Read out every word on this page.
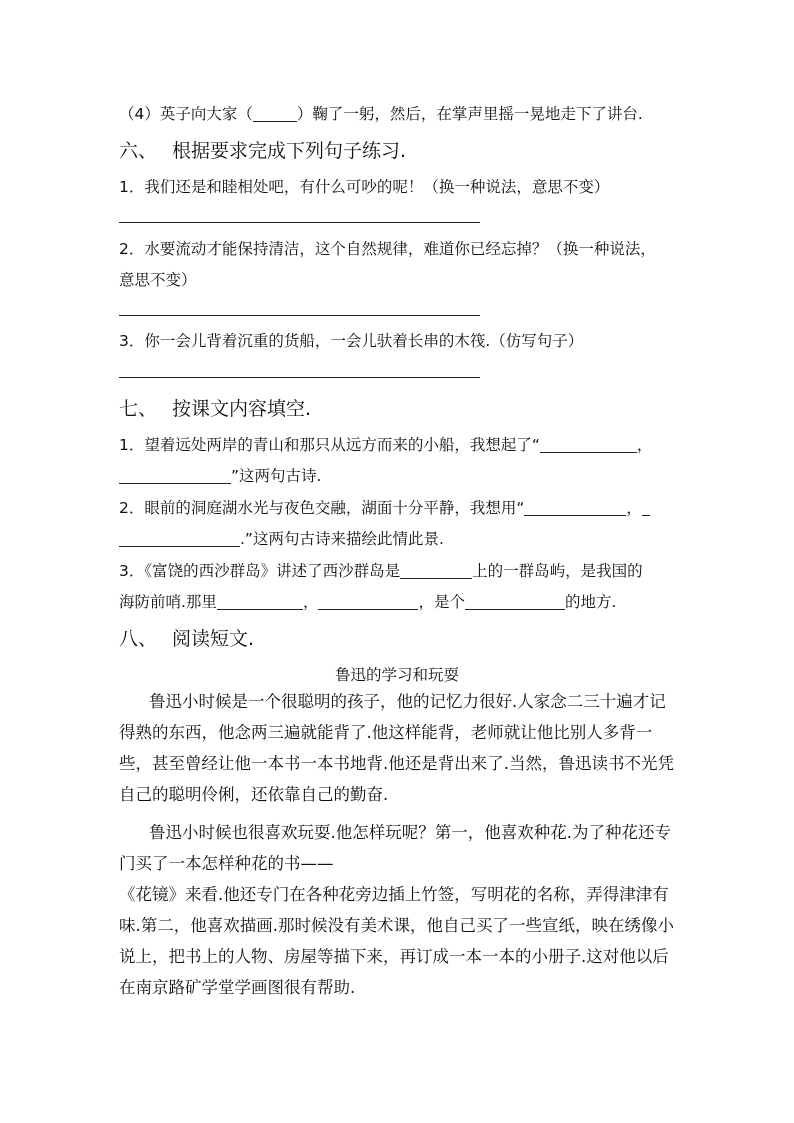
（4）英子向大家（	）鞠了一躬，然后，在掌声里摇一晃地走下了讲台.
六、 根据要求完成下列句子练习.
1．我们还是和睦相处吧，有什么可吵的呢！（换一种说法，意思不变）
2．水要流动才能保持清洁，这个自然规律，难道你已经忘掉？（换一种说法，
意思不变）
3．你一会儿背着沉重的货船，一会儿驮着长串的木筏.（仿写句子）
七、 按课文内容填空.
1．望着远处两岸的青山和那只从远方而来的小船，我想起了“	，
”这两句古诗.
2．眼前的洞庭湖水光与夜色交融，湖面十分平静，我想用“	，
.”这两句古诗来描绘此情此景.
3．《富饶的西沙群岛》讲述了西沙群岛是	上的一群岛屿，是我国的
海防前哨.那里	，	，是个	的地方.
八、 阅读短文.
鲁迅的学习和玩耍
鲁迅小时候是一个很聪明的孩子，他的记忆力很好.人家念二三十遍才记得熟的东西，他念两三遍就能背了.他这样能背，老师就让他比别人多背一些，甚至曾经让他一本书一本书地背.他还是背出来了.当然，鲁迅读书不光凭自己的聪明伶俐，还依靠自己的勤奋.
鲁迅小时候也很喜欢玩耍.他怎样玩呢？第一，他喜欢种花.为了种花还专门买了一本怎样种花的书——
《花镜》来看.他还专门在各种花旁边插上竹签，写明花的名称，弄得津津有味.第二，他喜欢描画.那时候没有美术课，他自己买了一些宣纸，映在绣像小说上，把书上的人物、房屋等描下来，再订成一本一本的小册子.这对他以后在南京路矿学堂学画图很有帮助.
